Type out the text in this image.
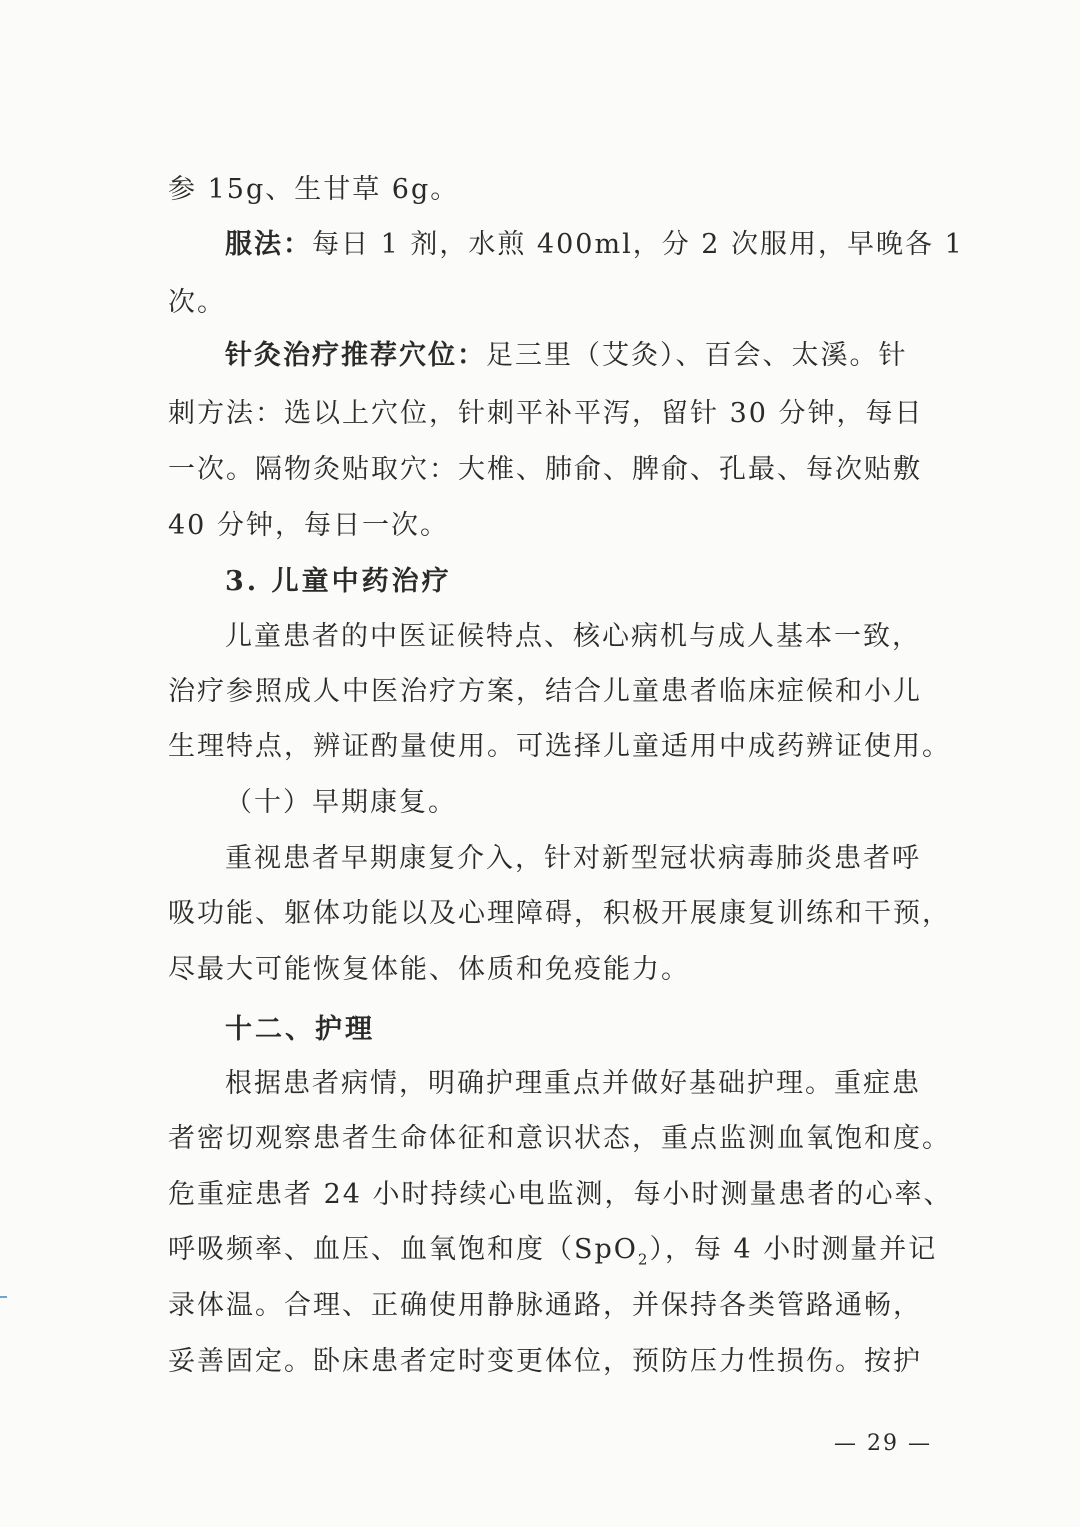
参 15g、生甘草 6g。
服法：每日 1 剂，水煎 400ml，分 2 次服用，早晚各 1
次。
针灸治疗推荐穴位：足三里（艾灸）、百会、太溪。针
刺方法：选以上穴位，针刺平补平泻，留针 30 分钟，每日
一次。隔物灸贴取穴：大椎、肺俞、脾俞、孔最、每次贴敷
40 分钟，每日一次。
3. 儿童中药治疗
儿童患者的中医证候特点、核心病机与成人基本一致，
治疗参照成人中医治疗方案，结合儿童患者临床症候和小儿
生理特点，辨证酌量使用。可选择儿童适用中成药辨证使用。
（十）早期康复。
重视患者早期康复介入，针对新型冠状病毒肺炎患者呼
吸功能、躯体功能以及心理障碍，积极开展康复训练和干预，
尽最大可能恢复体能、体质和免疫能力。
十二、护理
根据患者病情，明确护理重点并做好基础护理。重症患
者密切观察患者生命体征和意识状态，重点监测血氧饱和度。
危重症患者 24 小时持续心电监测，每小时测量患者的心率、
呼吸频率、血压、血氧饱和度（SpO$_2$），每 4 小时测量并记
录体温。合理、正确使用静脉通路，并保持各类管路通畅，
妥善固定。卧床患者定时变更体位，预防压力性损伤。按护
— 29 —
